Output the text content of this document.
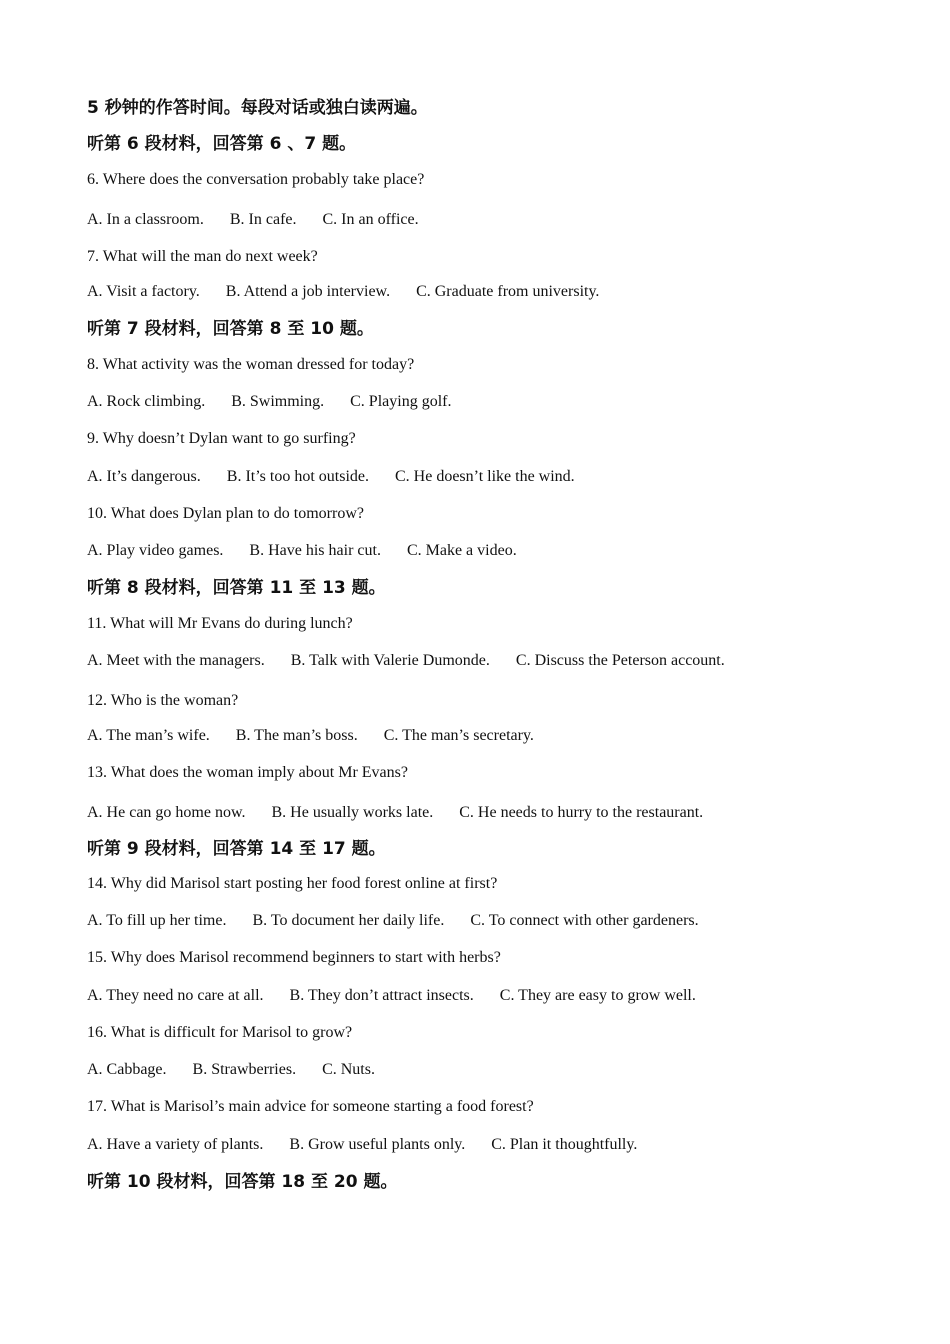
5 秒钟的作答时间。每段对话或独白读两遍。
听第 6 段材料，回答第 6 、7 题。
6. Where does the conversation probably take place?
A. In a classroom. B. In cafe. C. In an office.
7. What will the man do next week?
A. Visit a factory. B. Attend a job interview. C. Graduate from university.
听第 7 段材料，回答第 8 至 10 题。
8. What activity was the woman dressed for today?
A. Rock climbing. B. Swimming. C. Playing golf.
9. Why doesn’t Dylan want to go surfing?
A. It’s dangerous. B. It’s too hot outside. C. He doesn’t like the wind.
10. What does Dylan plan to do tomorrow?
A. Play video games. B. Have his hair cut. C. Make a video.
听第 8 段材料，回答第 11 至 13 题。
11. What will Mr Evans do during lunch?
A. Meet with the managers. B. Talk with Valerie Dumonde. C. Discuss the Peterson account.
12. Who is the woman?
A. The man’s wife. B. The man’s boss. C. The man’s secretary.
13. What does the woman imply about Mr Evans?
A. He can go home now. B. He usually works late. C. He needs to hurry to the restaurant.
听第 9 段材料，回答第 14 至 17 题。
14. Why did Marisol start posting her food forest online at first?
A. To fill up her time. B. To document her daily life. C. To connect with other gardeners.
15. Why does Marisol recommend beginners to start with herbs?
A. They need no care at all. B. They don’t attract insects. C. They are easy to grow well.
16. What is difficult for Marisol to grow?
A. Cabbage. B. Strawberries. C. Nuts.
17. What is Marisol’s main advice for someone starting a food forest?
A. Have a variety of plants. B. Grow useful plants only. C. Plan it thoughtfully.
听第 10 段材料，回答第 18 至 20 题。
